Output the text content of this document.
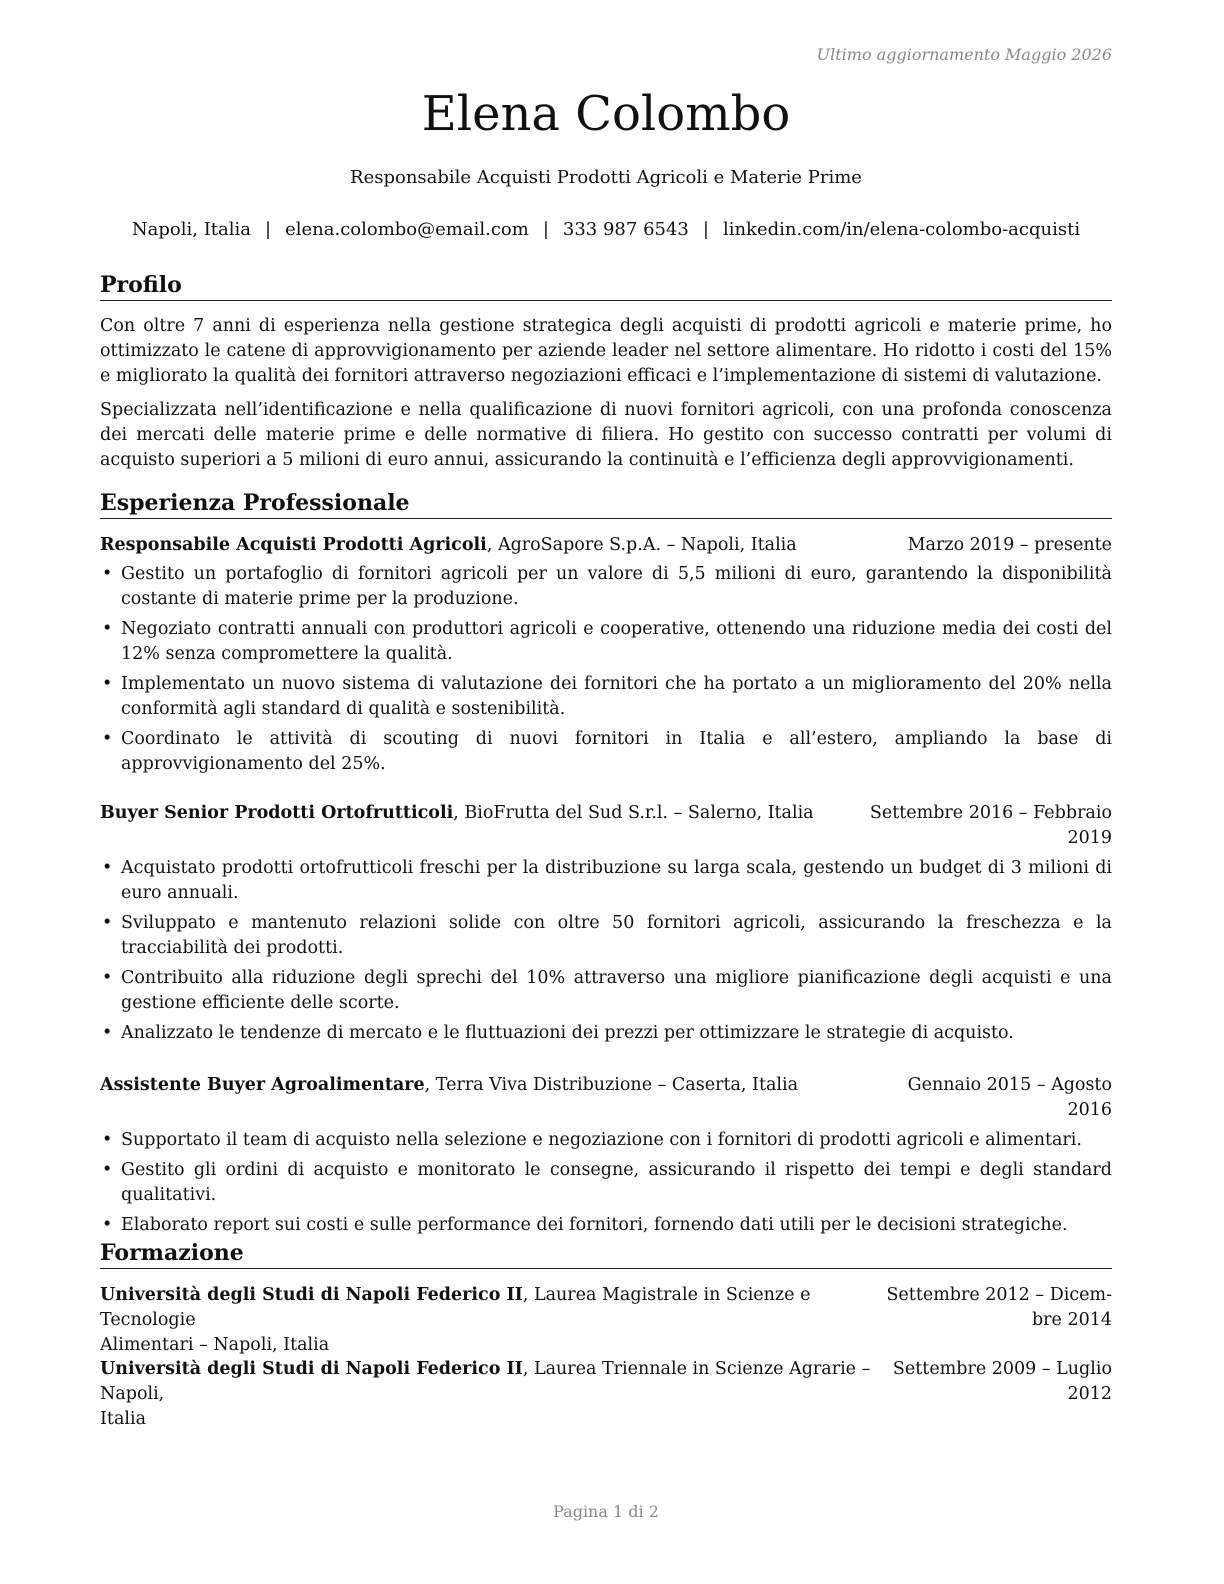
Ultimo aggiornamento Maggio 2026
Elena Colombo
Responsabile Acquisti Prodotti Agricoli e Materie Prime
Napoli, Italia | elena.colombo@email.com | 333 987 6543 | linkedin.com/in/elena-colombo-acquisti
Profilo

Con oltre 7 anni di esperienza nella gestione strategica degli acquisti di prodotti agricoli e materie prime, ho ottimizzato le catene di approvvigionamento per aziende leader nel settore alimentare. Ho ridotto i costi del 15% e migliorato la qualità dei fornitori attraverso negoziazioni efficaci e l’implementazione di sistemi di valutazione.

Specializzata nell’identificazione e nella qualificazione di nuovi fornitori agricoli, con una profonda conoscenza dei mercati delle materie prime e delle normative di filiera. Ho gestito con successo contratti per volumi di acquisto superiori a 5 milioni di euro annui, assicurando la continuità e l’efficienza degli approvvigionamenti.

Esperienza Professionale
Responsabile Acquisti Prodotti Agricoli, AgroSapore S.p.A. – Napoli, Italia	Marzo 2019 – presente
• Gestito un portafoglio di fornitori agricoli per un valore di 5,5 milioni di euro, garantendo la disponibilità costante di materie prime per la produzione.
• Negoziato contratti annuali con produttori agricoli e cooperative, ottenendo una riduzione media dei costi del 12% senza compromettere la qualità.
• Implementato un nuovo sistema di valutazione dei fornitori che ha portato a un miglioramento del 20% nella conformità agli standard di qualità e sostenibilità.
• Coordinato le attività di scouting di nuovi fornitori in Italia e all’estero, ampliando la base di approvvigionamento del 25%.
Buyer Senior Prodotti Ortofrutticoli, BioFrutta del Sud S.r.l. – Salerno, Italia	Settembre 2016 – Febbraio
2019
• Acquistato prodotti ortofrutticoli freschi per la distribuzione su larga scala, gestendo un budget di 3 milioni di euro annuali.
• Sviluppato e mantenuto relazioni solide con oltre 50 fornitori agricoli, assicurando la freschezza e la tracciabilità dei prodotti.
• Contribuito alla riduzione degli sprechi del 10% attraverso una migliore pianificazione degli acquisti e una gestione efficiente delle scorte.
• Analizzato le tendenze di mercato e le fluttuazioni dei prezzi per ottimizzare le strategie di acquisto.
Assistente Buyer Agroalimentare, Terra Viva Distribuzione – Caserta, Italia	Gennaio 2015 – Agosto
2016
• Supportato il team di acquisto nella selezione e negoziazione con i fornitori di prodotti agricoli e alimentari.
• Gestito gli ordini di acquisto e monitorato le consegne, assicurando il rispetto dei tempi e degli standard qualitativi.
• Elaborato report sui costi e sulle performance dei fornitori, fornendo dati utili per le decisioni strategiche.
Formazione
Università degli Studi di Napoli Federico II, Laurea Magistrale in Scienze e Tecnologie
Alimentari – Napoli, Italia
Settembre 2012 – Dicem-
bre 2014
Università degli Studi di Napoli Federico II, Laurea Triennale in Scienze Agrarie – Napoli,
Italia
Settembre 2009 – Luglio
2012
Pagina 1 di 2
